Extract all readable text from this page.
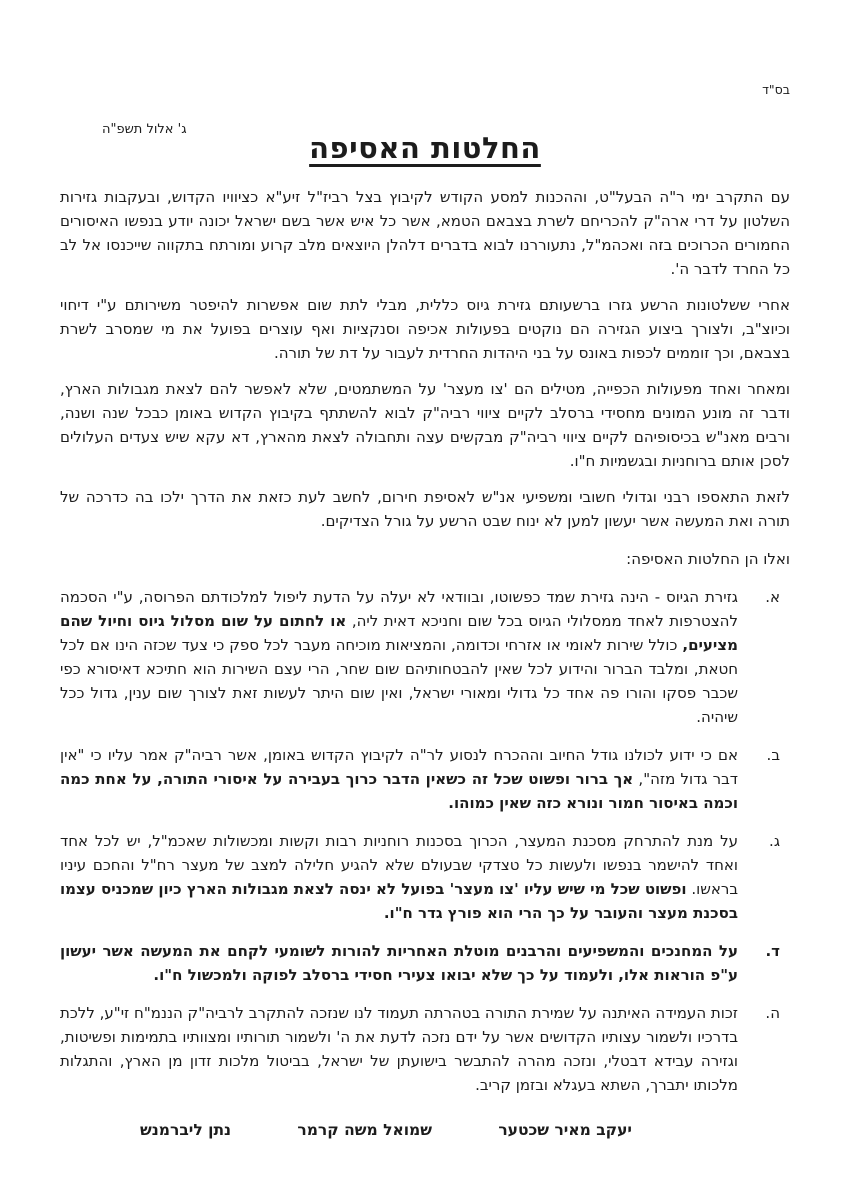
בס"ד
ג' אלול תשפ"ה
החלטות האסיפה

עם התקרב ימי ר"ה הבעל"ט, וההכנות למסע הקודש לקיבוץ בצל רביז"ל זיע"א כציוויו הקדוש, ובעקבות גזירות השלטון על דרי ארה"ק להכריחם לשרת בצבאם הטמא, אשר כל איש אשר בשם ישראל יכונה יודע בנפשו האיסורים החמורים הכרוכים בזה ואכהמ"ל, נתעוררנו לבוא בדברים דלהלן היוצאים מלב קרוע ומורתח בתקווה שייכנסו אל לב כל החרד לדבר ה'.

אחרי ששלטונות הרשע גזרו ברשעותם גזירת גיוס כללית, מבלי לתת שום אפשרות להיפטר משירותם ע"י דיחוי וכיוצ"ב, ולצורך ביצוע הגזירה הם נוקטים בפעולות אכיפה וסנקציות ואף עוצרים בפועל את מי שמסרב לשרת בצבאם, וכך זוממים לכפות באונס על בני היהדות החרדית לעבור על דת של תורה.

ומאחר ואחד מפעולות הכפייה, מטילים הם 'צו מעצר' על המשתמטים, שלא לאפשר להם לצאת מגבולות הארץ, ודבר זה מונע המונים מחסידי ברסלב לקיים ציווי רביה"ק לבוא להשתתף בקיבוץ הקדוש באומן כבכל שנה ושנה, ורבים מאנ"ש בכיסופיהם לקיים ציווי רביה"ק מבקשים עצה ותחבולה לצאת מהארץ, דא עקא שיש צעדים העלולים לסכן אותם ברוחניות ובגשמיות ח"ו.

לזאת התאספו רבני וגדולי חשובי ומשפיעי אנ"ש לאסיפת חירום, לחשב לעת כזאת את הדרך ילכו בה כדרכה של תורה ואת המעשה אשר יעשון למען לא ינוח שבט הרשע על גורל הצדיקים.

ואלו הן החלטות האסיפה:

א.
גזירת הגיוס - הינה גזירת שמד כפשוטו, ובוודאי לא יעלה על הדעת ליפול למלכודתם הפרוסה, ע"י הסכמה להצטרפות לאחד ממסלולי הגיוס בכל שום וחניכא דאית ליה, או לחתום על שום מסלול גיוס וחיול שהם מציעים, כולל שירות לאומי או אזרחי וכדומה, והמציאות מוכיחה מעבר לכל ספק כי צעד שכזה הינו אם לכל חטאת, ומלבד הברור והידוע לכל שאין להבטחותיהם שום שחר, הרי עצם השירות הוא חתיכא דאיסורא כפי שכבר פסקו והורו פה אחד כל גדולי ומאורי ישראל, ואין שום היתר לעשות זאת לצורך שום ענין, גדול ככל שיהיה.
ב.
אם כי ידוע לכולנו גודל החיוב וההכרח לנסוע לר"ה לקיבוץ הקדוש באומן, אשר רביה"ק אמר עליו כי "אין דבר גדול מזה", אך ברור ופשוט שכל זה כשאין הדבר כרוך בעבירה על איסורי התורה, על אחת כמה וכמה באיסור חמור ונורא כזה שאין כמוהו.
ג.
על מנת להתרחק מסכנת המעצר, הכרוך בסכנות רוחניות רבות וקשות ומכשולות שאכמ"ל, יש לכל אחד ואחד להישמר בנפשו ולעשות כל טצדקי שבעולם שלא להגיע חלילה למצב של מעצר רח"ל והחכם עיניו בראשו. ופשוט שכל מי שיש עליו 'צו מעצר' בפועל לא ינסה לצאת מגבולות הארץ כיון שמכניס עצמו בסכנת מעצר והעובר על כך הרי הוא פורץ גדר ח"ו.
ד.
על המחנכים והמשפיעים והרבנים מוטלת האחריות להורות לשומעי לקחם את המעשה אשר יעשון ע"פ הוראות אלו, ולעמוד על כך שלא יבואו צעירי חסידי ברסלב לפוקה ולמכשול ח"ו.
ה.
זכות העמידה האיתנה על שמירת התורה בטהרתה תעמוד לנו שנזכה להתקרב לרביה"ק הננמ"ח זי"ע, ללכת בדרכיו ולשמור עצותיו הקדושים אשר על ידם נזכה לדעת את ה' ולשמור תורותיו ומצוותיו בתמימות ופשיטות, וגזירה עבידא דבטלי, ונזכה מהרה להתבשר בישועתן של ישראל, בביטול מלכות זדון מן הארץ, והתגלות מלכותו יתברך, השתא בעגלא ובזמן קריב.
יעקב מאיר שכטער
שמואל משה קרמר
נתן ליברמנש
